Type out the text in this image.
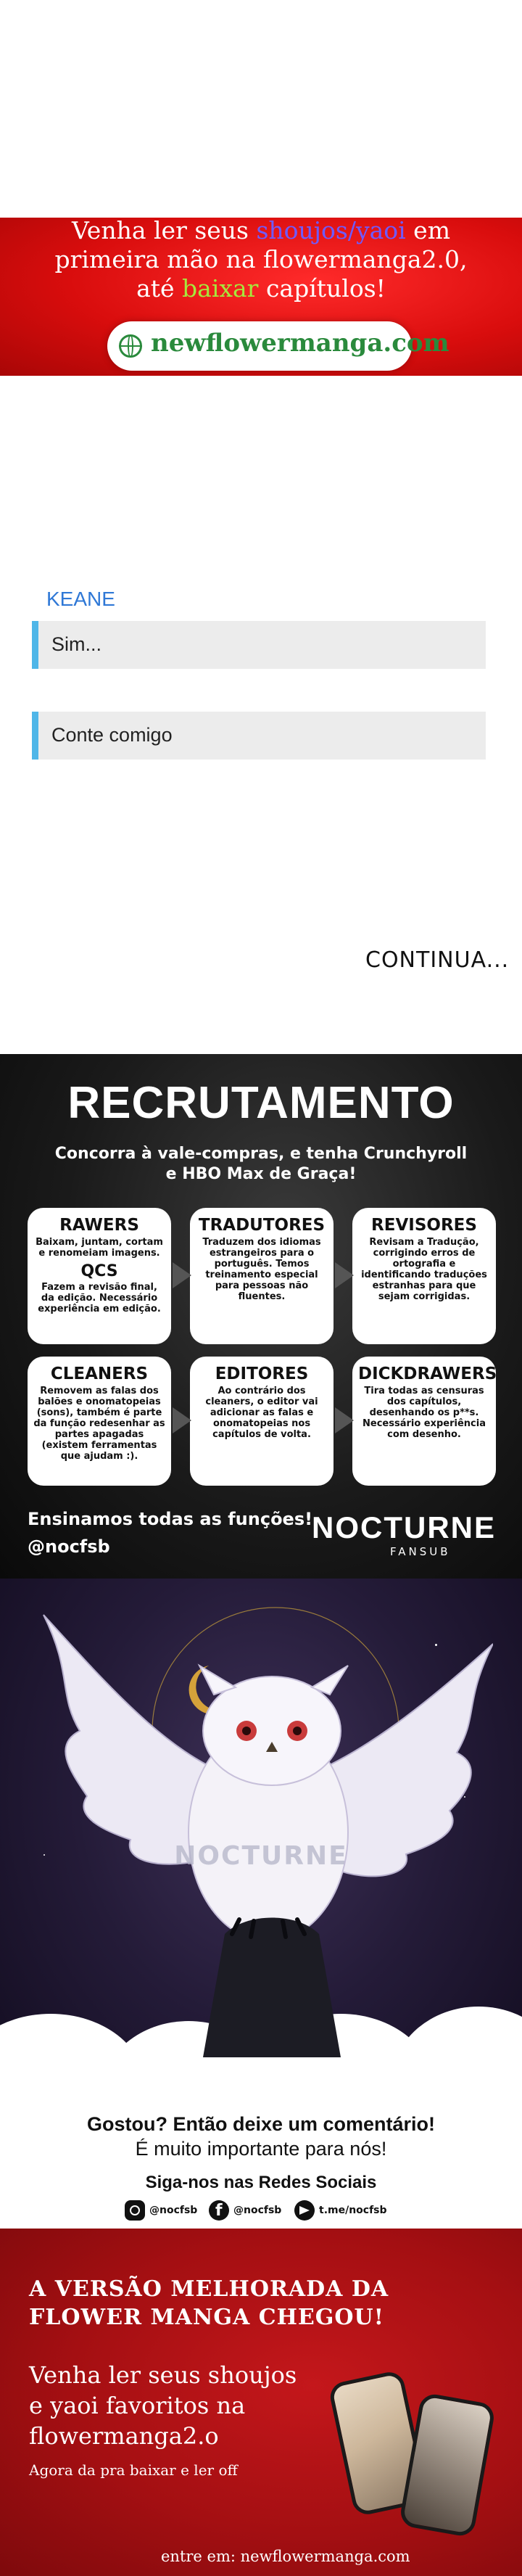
Venha ler seus shoujos/yaoi em
primeira mão na flowermanga2.0,
até baixar capítulos!
newflowermanga.com
KEANE
Sim...
Conte comigo
CONTINUA...
RECRUTAMENTO
Concorra à vale-compras, e tenha Crunchyroll
e HBO Max de Graça!
RAWERS
Baixam, juntam, cortam e renomeiam imagens.
QCS
Fazem a revisão final, da edição. Necessário experiência em edição.
TRADUTORES
Traduzem dos idiomas estrangeiros para o português. Temos treinamento especial para pessoas não fluentes.
REVISORES
Revisam a Tradução, corrigindo erros de ortografia e identificando traduções estranhas para que sejam corrigidas.
CLEANERS
Removem as falas dos balões e onomatopeias (sons), também é parte da função redesenhar as partes apagadas (existem ferramentas que ajudam :).
EDITORES
Ao contrário dos cleaners, o editor vai adicionar as falas e onomatopeias nos capítulos de volta.
DICKDRAWERS
Tira todas as censuras dos capítulos, desenhando os p**s. Necessário experiência com desenho.
Ensinamos todas as funções!
@nocfsb
NOCTURNE
FANSUB
NOCTURNE
Gostou? Então deixe um comentário!
É muito importante para nós!
Siga-nos nas Redes Sociais
@nocfsb
f	@nocfsb	t.me/nocfsb
A VERSÃO MELHORADA DA
FLOWER MANGA CHEGOU!
Venha ler seus shoujos
e yaoi favoritos na
flowermanga2.o
Agora da pra baixar e ler off
entre em: newflowermanga.com
